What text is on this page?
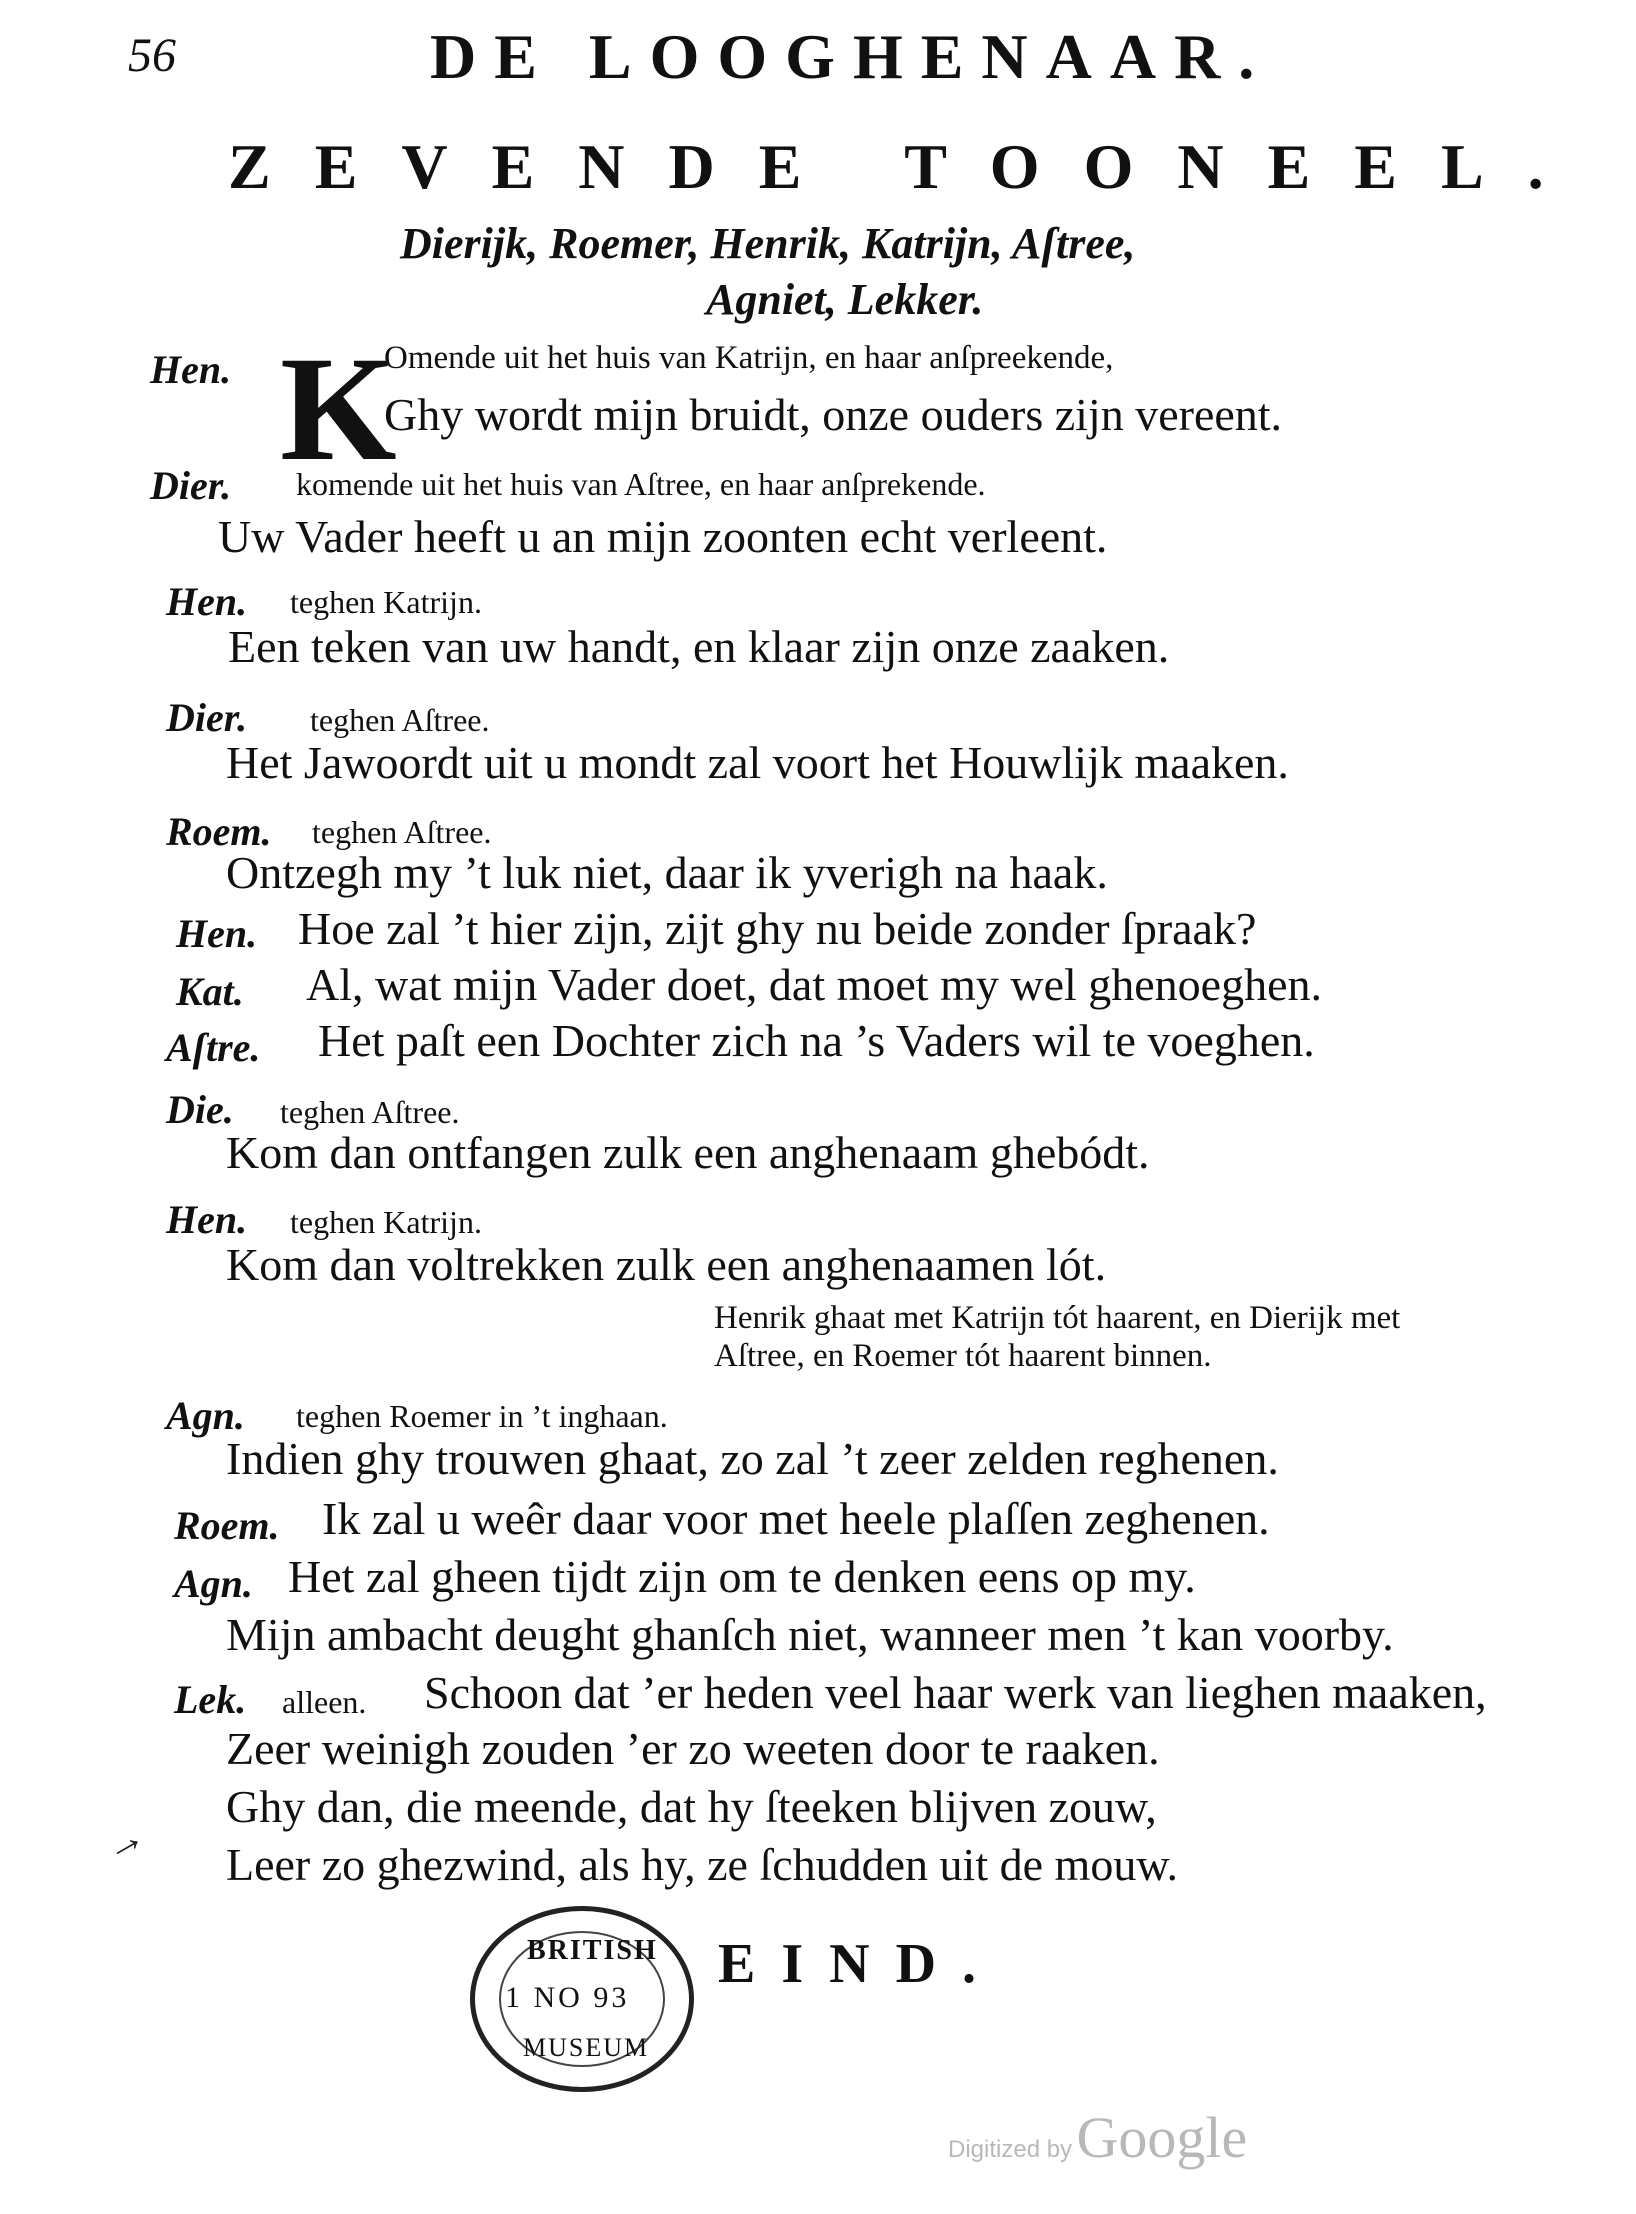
56	DE LOOGHENAAR.
ZEVENDE TOONEEL.
Dierijk, Roemer, Henrik, Katrijn, Aſtree,
Agniet, Lekker.
K
Hen.	Omende uit het huis van Katrijn, en haar anſpreekende,
Ghy wordt mijn bruidt, onze ouders zijn vereent.
Dier. komende uit het huis van Aſtree, en haar anſprekende.
Uw Vader heeft u an mijn zoonten echt verleent.
Hen. teghen Katrijn.
Een teken van uw handt, en klaar zijn onze zaaken.
Dier. teghen Aſtree.
Het Jawoordt uit u mondt zal voort het Houwlijk maaken.
Roem. teghen Aſtree.
Ontzegh my ’t luk niet, daar ik yverigh na haak.
Hen. Hoe zal ’t hier zijn, zijt ghy nu beide zonder ſpraak?
Kat. Al, wat mijn Vader doet, dat moet my wel ghenoeghen.
Aſtre. Het paſt een Dochter zich na ’s Vaders wil te voeghen.
Die. teghen Aſtree.
Kom dan ontfangen zulk een anghenaam ghebódt.
Hen. teghen Katrijn.
Kom dan voltrekken zulk een anghenaamen lót.
Henrik ghaat met Katrijn tót haarent, en Dierijk met
Aſtree, en Roemer tót haarent binnen.
Agn. teghen Roemer in ’t inghaan.
Indien ghy trouwen ghaat, zo zal ’t zeer zelden reghenen.
Roem. Ik zal u weêr daar voor met heele plaſſen zeghenen.
Agn. Het zal gheen tijdt zijn om te denken eens op my.
Mijn ambacht deught ghanſch niet, wanneer men ’t kan voorby.
Lek. alleen. Schoon dat ’er heden veel haar werk van lieghen maaken,
Zeer weinigh zouden ’er zo weeten door te raaken.
Ghy dan, die meende, dat hy ſteeken blijven zouw,
Leer zo ghezwind, als hy, ze ſchudden uit de mouw.
→
BRITISH
1 NO 93
MUSEUM
EIND.
Digitized by Google
